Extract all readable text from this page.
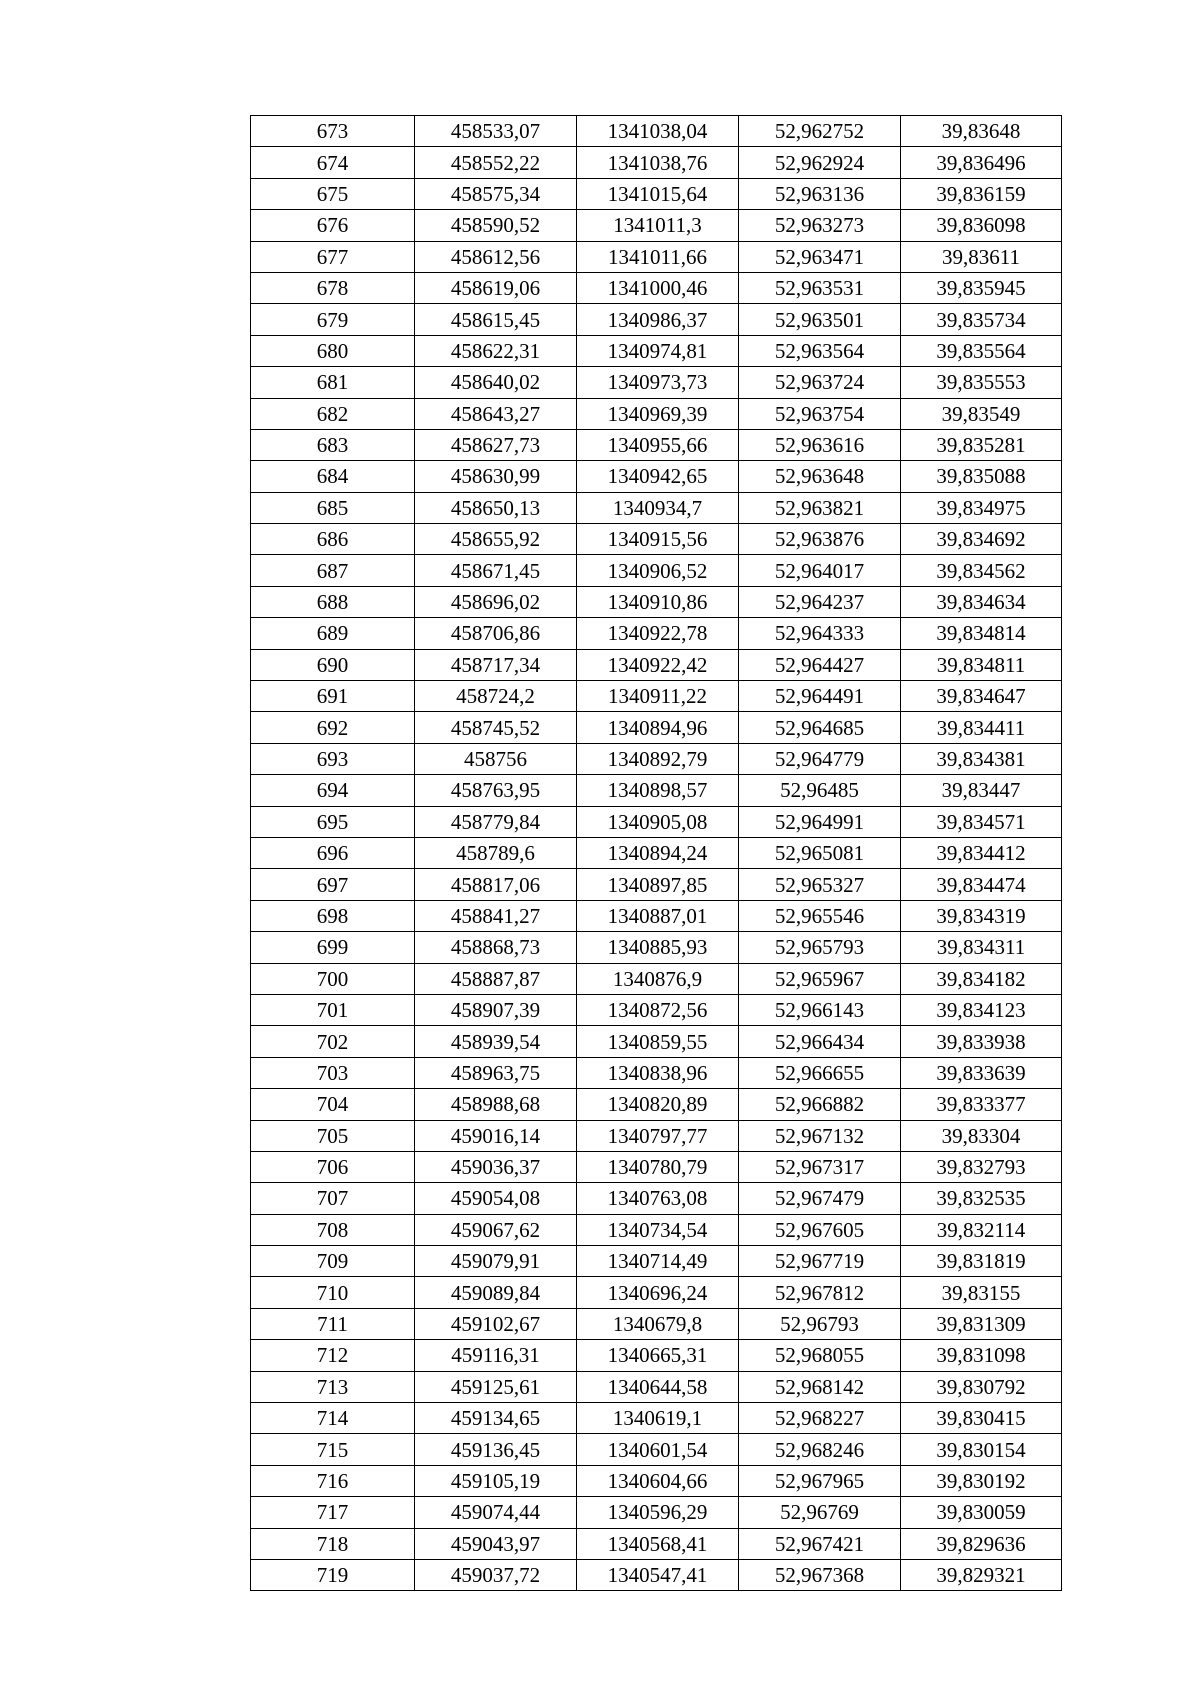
673	458533,07	1341038,04	52,962752	39,83648
674	458552,22	1341038,76	52,962924	39,836496
675	458575,34	1341015,64	52,963136	39,836159
676	458590,52	1341011,3	52,963273	39,836098
677	458612,56	1341011,66	52,963471	39,83611
678	458619,06	1341000,46	52,963531	39,835945
679	458615,45	1340986,37	52,963501	39,835734
680	458622,31	1340974,81	52,963564	39,835564
681	458640,02	1340973,73	52,963724	39,835553
682	458643,27	1340969,39	52,963754	39,83549
683	458627,73	1340955,66	52,963616	39,835281
684	458630,99	1340942,65	52,963648	39,835088
685	458650,13	1340934,7	52,963821	39,834975
686	458655,92	1340915,56	52,963876	39,834692
687	458671,45	1340906,52	52,964017	39,834562
688	458696,02	1340910,86	52,964237	39,834634
689	458706,86	1340922,78	52,964333	39,834814
690	458717,34	1340922,42	52,964427	39,834811
691	458724,2	1340911,22	52,964491	39,834647
692	458745,52	1340894,96	52,964685	39,834411
693	458756	1340892,79	52,964779	39,834381
694	458763,95	1340898,57	52,96485	39,83447
695	458779,84	1340905,08	52,964991	39,834571
696	458789,6	1340894,24	52,965081	39,834412
697	458817,06	1340897,85	52,965327	39,834474
698	458841,27	1340887,01	52,965546	39,834319
699	458868,73	1340885,93	52,965793	39,834311
700	458887,87	1340876,9	52,965967	39,834182
701	458907,39	1340872,56	52,966143	39,834123
702	458939,54	1340859,55	52,966434	39,833938
703	458963,75	1340838,96	52,966655	39,833639
704	458988,68	1340820,89	52,966882	39,833377
705	459016,14	1340797,77	52,967132	39,83304
706	459036,37	1340780,79	52,967317	39,832793
707	459054,08	1340763,08	52,967479	39,832535
708	459067,62	1340734,54	52,967605	39,832114
709	459079,91	1340714,49	52,967719	39,831819
710	459089,84	1340696,24	52,967812	39,83155
711	459102,67	1340679,8	52,96793	39,831309
712	459116,31	1340665,31	52,968055	39,831098
713	459125,61	1340644,58	52,968142	39,830792
714	459134,65	1340619,1	52,968227	39,830415
715	459136,45	1340601,54	52,968246	39,830154
716	459105,19	1340604,66	52,967965	39,830192
717	459074,44	1340596,29	52,96769	39,830059
718	459043,97	1340568,41	52,967421	39,829636
719	459037,72	1340547,41	52,967368	39,829321
